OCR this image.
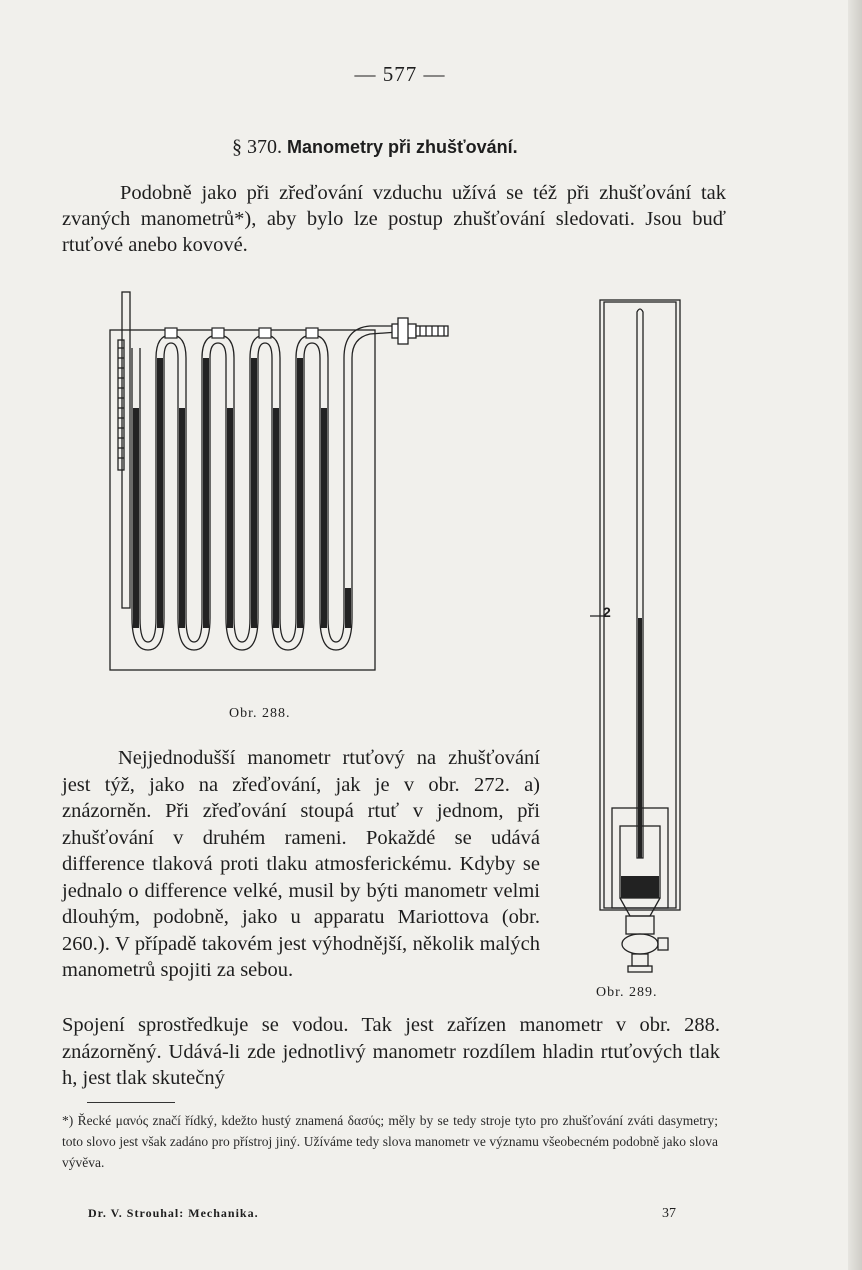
— 577 —
§ 370. Manometry při zhušťování.
Podobně jako při zřeďování vzduchu užívá se též při zhušťování tak zvaných manometrů*), aby bylo lze postup zhušťování sledovati. Jsou buď rtuťové anebo kovové.
Obr. 288.
2
Obr. 289.
Nejjednodušší manometr rtuťový na zhušťování jest týž, jako na zřeďování, jak je v obr. 272. a) znázorněn. Při zřeďování stoupá rtuť v jednom, při zhušťování v druhém rameni. Pokaždé se udává difference tlaková proti tlaku atmosferickému. Kdyby se jednalo o difference velké, musil by býti manometr velmi dlouhým, podobně, jako u apparatu Mariottova (obr. 260.). V případě takovém jest výhodnější, několik malých manometrů spojiti za sebou.
Spojení sprostředkuje se vodou. Tak jest zařízen manometr v obr. 288. znázorněný. Udává-li zde jednotlivý manometr rozdílem hladin rtuťových tlak h, jest tlak skutečný
*) Řecké μανός značí řídký, kdežto hustý znamená δασύς; měly by se tedy stroje tyto pro zhušťování zváti dasymetry; toto slovo jest však zadáno pro přístroj jiný. Užíváme tedy slova manometr ve významu všeobecném podobně jako slova vývěva.
Dr. V. Strouhal: Mechanika.	37
